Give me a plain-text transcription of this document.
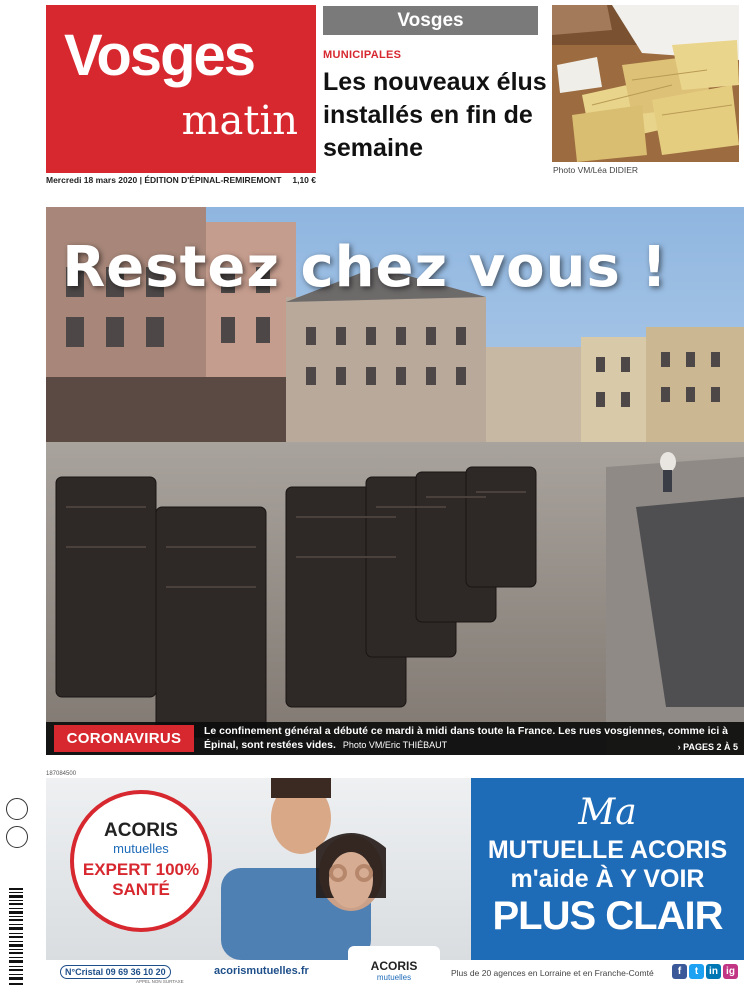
Vosges
matin
Mercredi 18 mars 2020 | ÉDITION D'ÉPINAL-REMIREMONT 1,10 €
Vosges
MUNICIPALES
Les nouveaux élus installés en fin de semaine
Photo VM/Léa DIDIER
Restez chez vous !
CORONAVIRUS	Le confinement général a débuté ce mardi à midi dans toute la France. Les rues vosgiennes, comme ici à Épinal, sont restées vides. Photo VM/Eric THIÉBAUT	› PAGES 2 À 5
ACORIS
mutuelles
EXPERT 100% SANTÉ
Ma
MUTUELLE ACORIS m'aide À Y VOIR
PLUS CLAIR
187084500
N°Cristal 09 69 36 10 20
APPEL NON SURTAXE
acorismutuelles.fr	ACORIS
mutuelles	Plus de 20 agences en Lorraine et en Franche-Comté	f	t	in ig
